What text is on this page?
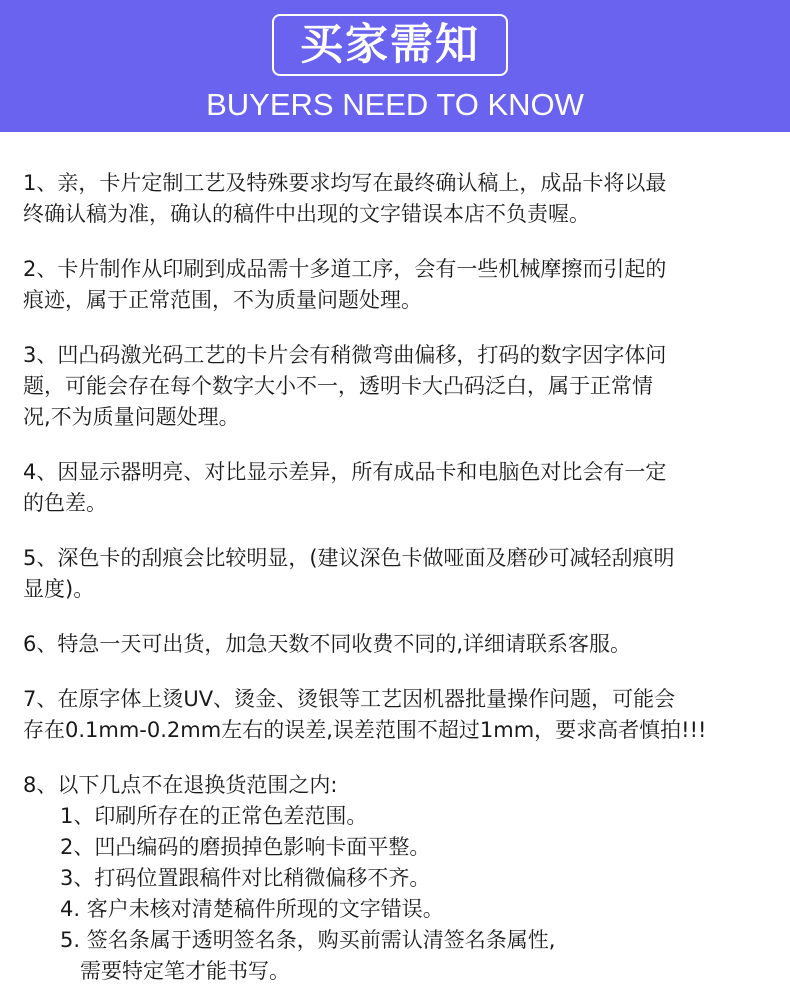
买家需知
BUYERS NEED TO KNOW

1、亲，卡片定制工艺及特殊要求均写在最终确认稿上，成品卡将以最
终确认稿为准，确认的稿件中出现的文字错误本店不负责喔。

2、卡片制作从印刷到成品需十多道工序，会有一些机械摩擦而引起的
痕迹，属于正常范围，不为质量问题处理。

3、凹凸码激光码工艺的卡片会有稍微弯曲偏移，打码的数字因字体问
题，可能会存在每个数字大小不一，透明卡大凸码泛白，属于正常情
况,不为质量问题处理。

4、因显示器明亮、对比显示差异，所有成品卡和电脑色对比会有一定
的色差。

5、深色卡的刮痕会比较明显，(建议深色卡做哑面及磨砂可减轻刮痕明
显度)。

6、特急一天可出货，加急天数不同收费不同的,详细请联系客服。

7、在原字体上烫UV、烫金、烫银等工艺因机器批量操作问题，可能会
存在0.1mm-0.2mm左右的误差,误差范围不超过1mm，要求高者慎拍!!!

8、以下几点不在退换货范围之内:

1、印刷所存在的正常色差范围。

2、凹凸编码的磨损掉色影响卡面平整。

3、打码位置跟稿件对比稍微偏移不齐。

4. 客户未核对清楚稿件所现的文字错误。

5. 签名条属于透明签名条，购买前需认清签名条属性,
需要特定笔才能书写。
